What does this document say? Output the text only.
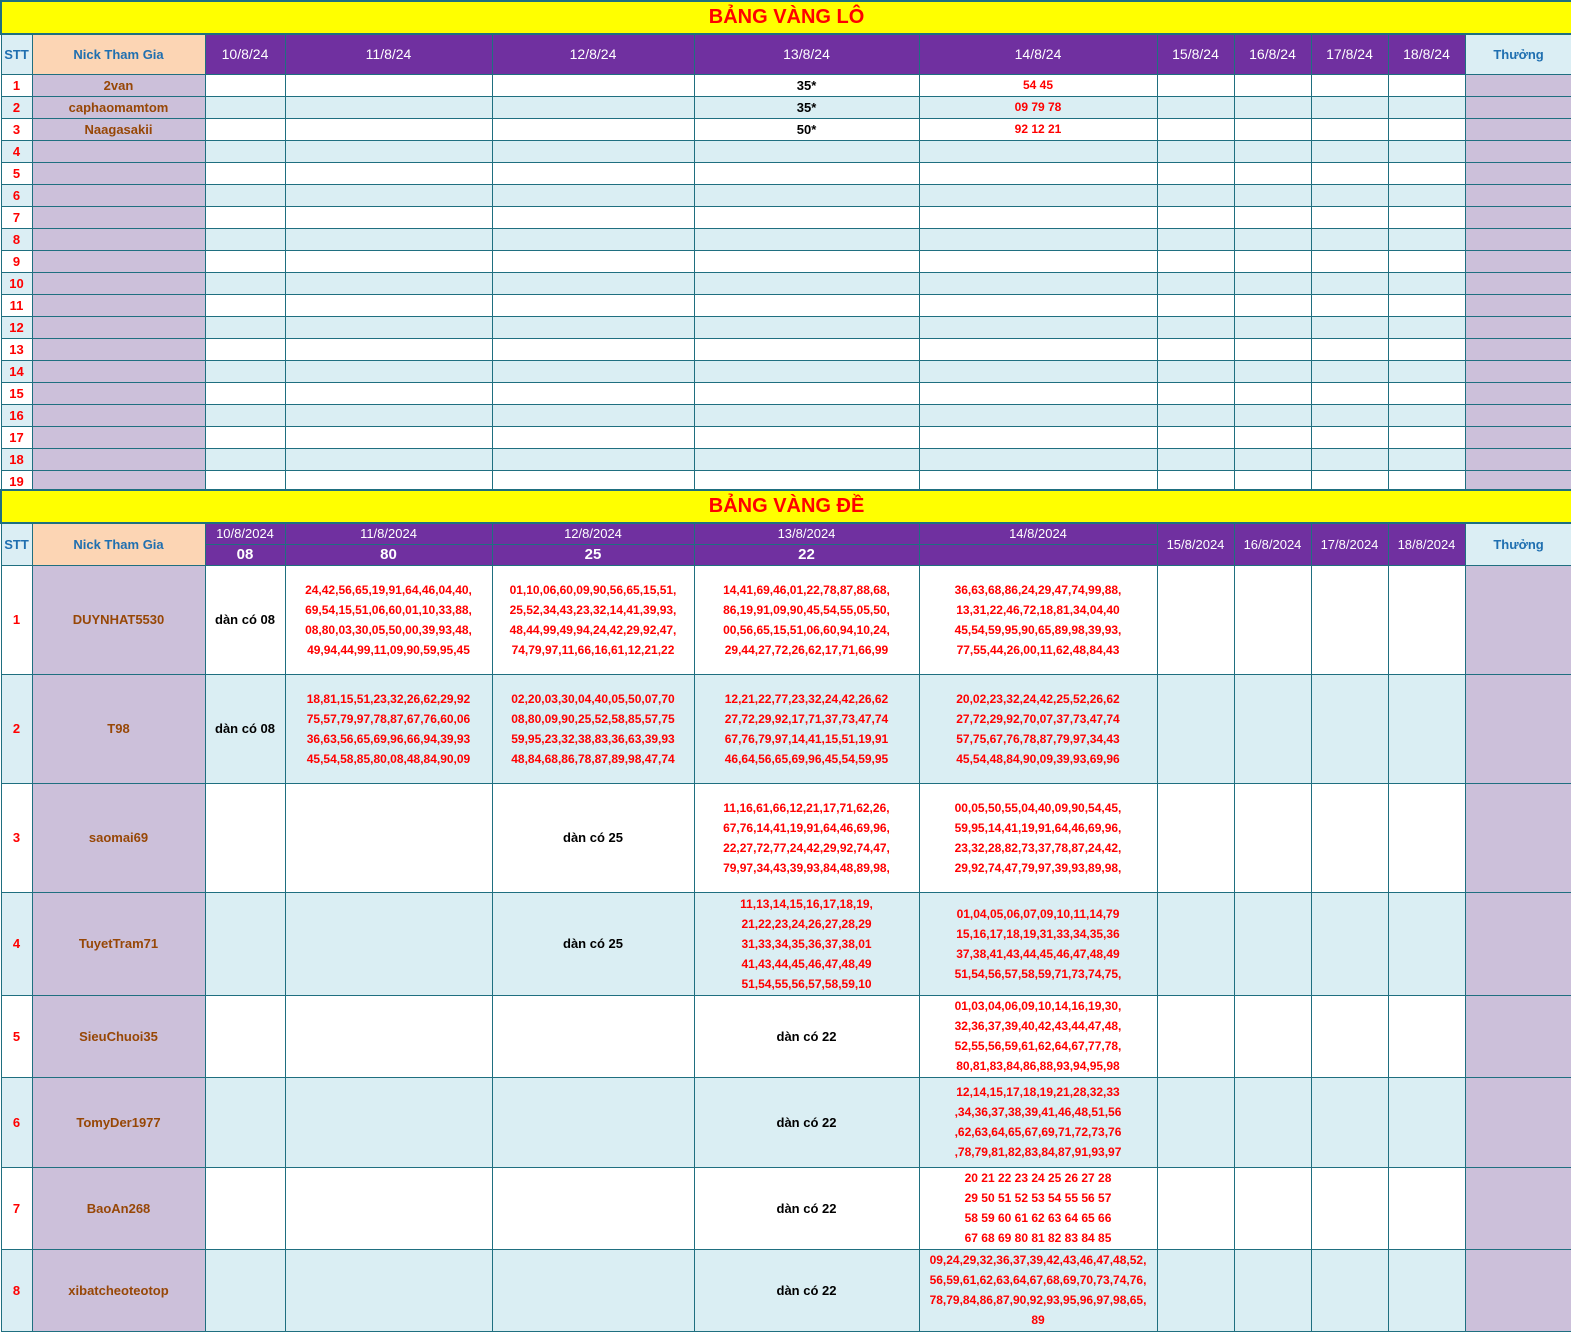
BẢNG VÀNG LÔ											
STT	Nick Tham Gia	10/8/24	11/8/24	12/8/24	13/8/24	14/8/24	15/8/24	16/8/24	17/8/24	18/8/24	Thưởng
1	2van				35*	54 45					
2	caphaomamtom				35*	09 79 78					
3	Naagasakii				50*	92 12 21					
4											
5											
6											
7											
8											
9											
10											
11											
12											
13											
14											
15											
16											
17											
18											
19											
BẢNG VÀNG ĐỀ											
STT	Nick Tham Gia	10/8/2024	11/8/2024	12/8/2024	13/8/2024	14/8/2024	15/8/2024	16/8/2024	17/8/2024	18/8/2024	Thưởng
		08	80	25	22						
1	DUYNHAT5530	dàn có 08	24,42,56,65,19,91,64,46,04,40,
69,54,15,51,06,60,01,10,33,88,
08,80,03,30,05,50,00,39,93,48,
49,94,44,99,11,09,90,59,95,45	01,10,06,60,09,90,56,65,15,51,
25,52,34,43,23,32,14,41,39,93,
48,44,99,49,94,24,42,29,92,47,
74,79,97,11,66,16,61,12,21,22	14,41,69,46,01,22,78,87,88,68,
86,19,91,09,90,45,54,55,05,50,
00,56,65,15,51,06,60,94,10,24,
29,44,27,72,26,62,17,71,66,99	36,63,68,86,24,29,47,74,99,88,
13,31,22,46,72,18,81,34,04,40
45,54,59,95,90,65,89,98,39,93,
77,55,44,26,00,11,62,48,84,43					
2	T98	dàn có 08	18,81,15,51,23,32,26,62,29,92
75,57,79,97,78,87,67,76,60,06
36,63,56,65,69,96,66,94,39,93
45,54,58,85,80,08,48,84,90,09	02,20,03,30,04,40,05,50,07,70
08,80,09,90,25,52,58,85,57,75
59,95,23,32,38,83,36,63,39,93
48,84,68,86,78,87,89,98,47,74	12,21,22,77,23,32,24,42,26,62
27,72,29,92,17,71,37,73,47,74
67,76,79,97,14,41,15,51,19,91
46,64,56,65,69,96,45,54,59,95	20,02,23,32,24,42,25,52,26,62
27,72,29,92,70,07,37,73,47,74
57,75,67,76,78,87,79,97,34,43
45,54,48,84,90,09,39,93,69,96					
3	saomai69			dàn có 25	11,16,61,66,12,21,17,71,62,26,
67,76,14,41,19,91,64,46,69,96,
22,27,72,77,24,42,29,92,74,47,
79,97,34,43,39,93,84,48,89,98,	00,05,50,55,04,40,09,90,54,45,
59,95,14,41,19,91,64,46,69,96,
23,32,28,82,73,37,78,87,24,42,
29,92,74,47,79,97,39,93,89,98,					
4	TuyetTram71			dàn có 25	11,13,14,15,16,17,18,19,
21,22,23,24,26,27,28,29
31,33,34,35,36,37,38,01
41,43,44,45,46,47,48,49
51,54,55,56,57,58,59,10	01,04,05,06,07,09,10,11,14,79
15,16,17,18,19,31,33,34,35,36
37,38,41,43,44,45,46,47,48,49
51,54,56,57,58,59,71,73,74,75,					
5	SieuChuoi35				dàn có 22	01,03,04,06,09,10,14,16,19,30,
32,36,37,39,40,42,43,44,47,48,
52,55,56,59,61,62,64,67,77,78,
80,81,83,84,86,88,93,94,95,98					
6	TomyDer1977				dàn có 22	12,14,15,17,18,19,21,28,32,33
,34,36,37,38,39,41,46,48,51,56
,62,63,64,65,67,69,71,72,73,76
,78,79,81,82,83,84,87,91,93,97					
7	BaoAn268				dàn có 22	20 21 22 23 24 25 26 27 28
29 50 51 52 53 54 55 56 57
58 59 60 61 62 63 64 65 66
67 68 69 80 81 82 83 84 85					
8	xibatcheoteotop				dàn có 22	09,24,29,32,36,37,39,42,43,46,47,48,52,
56,59,61,62,63,64,67,68,69,70,73,74,76,
78,79,84,86,87,90,92,93,95,96,97,98,65,
89					
